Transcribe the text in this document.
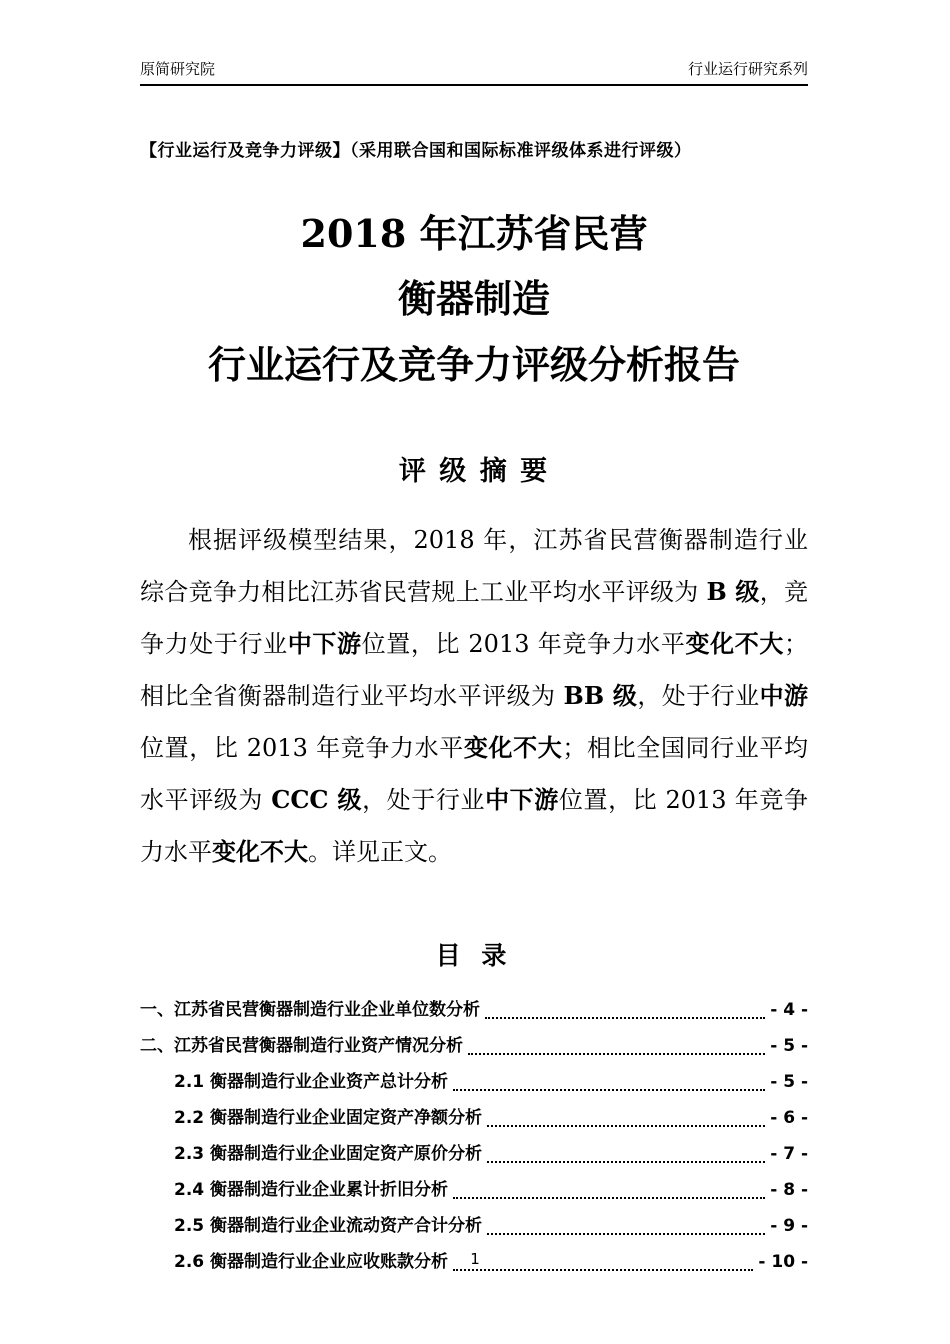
原简研究院	行业运行研究系列
【行业运行及竞争力评级】（采用联合国和国际标准评级体系进行评级）
2018 年江苏省民营
衡器制造
行业运行及竞争力评级分析报告
评 级 摘 要

根据评级模型结果，2018 年，江苏省民营衡器制造行业综合竞争力相比江苏省民营规上工业平均水平评级为 B 级，竞争力处于行业中下游位置，比 2013 年竞争力水平变化不大；相比全省衡器制造行业平均水平评级为 BB 级，处于行业中游位置，比 2013 年竞争力水平变化不大；相比全国同行业平均水平评级为 CCC 级，处于行业中下游位置，比 2013 年竞争力水平变化不大。详见正文。

目 录
一、江苏省民营衡器制造行业企业单位数分析	- 4 -
二、江苏省民营衡器制造行业资产情况分析	- 5 -
2.1 衡器制造行业企业资产总计分析	- 5 -
2.2 衡器制造行业企业固定资产净额分析	- 6 -
2.3 衡器制造行业企业固定资产原价分析	- 7 -
2.4 衡器制造行业企业累计折旧分析	- 8 -
2.5 衡器制造行业企业流动资产合计分析	- 9 -
2.6 衡器制造行业企业应收账款分析	- 10 -
1
